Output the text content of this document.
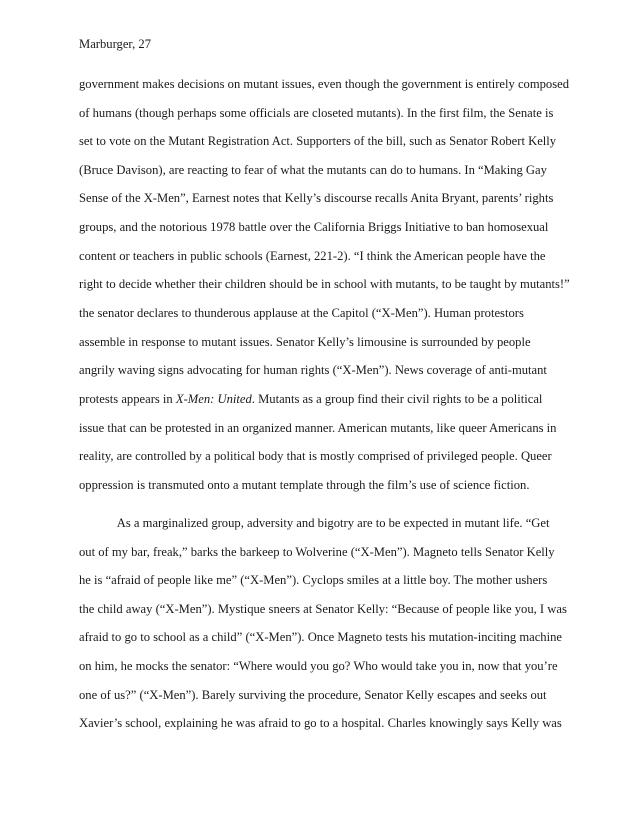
Marburger, 27

government makes decisions on mutant issues, even though the government is entirely composed

of humans (though perhaps some officials are closeted mutants). In the first film, the Senate is

set to vote on the Mutant Registration Act. Supporters of the bill, such as Senator Robert Kelly

(Bruce Davison), are reacting to fear of what the mutants can do to humans. In “Making Gay

Sense of the X-Men”, Earnest notes that Kelly’s discourse recalls Anita Bryant, parents’ rights

groups, and the notorious 1978 battle over the California Briggs Initiative to ban homosexual

content or teachers in public schools (Earnest, 221-2). “I think the American people have the

right to decide whether their children should be in school with mutants, to be taught by mutants!”

the senator declares to thunderous applause at the Capitol (“X-Men”). Human protestors

assemble in response to mutant issues. Senator Kelly’s limousine is surrounded by people

angrily waving signs advocating for human rights (“X-Men”). News coverage of anti-mutant

protests appears in X-Men: United. Mutants as a group find their civil rights to be a political

issue that can be protested in an organized manner. American mutants, like queer Americans in

reality, are controlled by a political body that is mostly comprised of privileged people. Queer

oppression is transmuted onto a mutant template through the film’s use of science fiction.

As a marginalized group, adversity and bigotry are to be expected in mutant life. “Get

out of my bar, freak,” barks the barkeep to Wolverine (“X-Men”). Magneto tells Senator Kelly

he is “afraid of people like me” (“X-Men”). Cyclops smiles at a little boy. The mother ushers

the child away (“X-Men”). Mystique sneers at Senator Kelly: “Because of people like you, I was

afraid to go to school as a child” (“X-Men”). Once Magneto tests his mutation-inciting machine

on him, he mocks the senator: “Where would you go? Who would take you in, now that you’re

one of us?” (“X-Men”). Barely surviving the procedure, Senator Kelly escapes and seeks out

Xavier’s school, explaining he was afraid to go to a hospital. Charles knowingly says Kelly was
